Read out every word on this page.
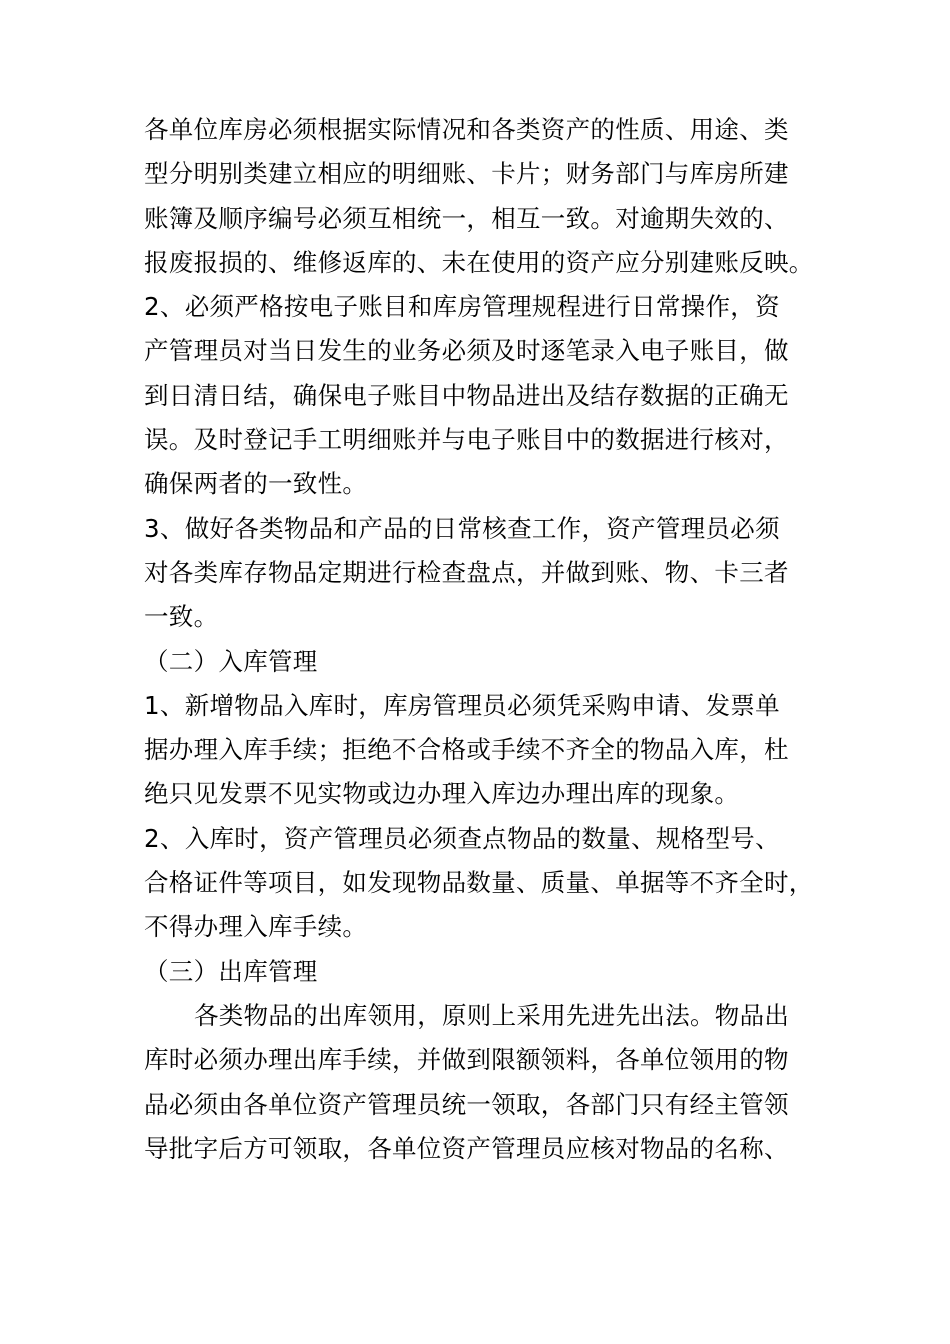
各单位库房必须根据实际情况和各类资产的性质、用途、类
型分明别类建立相应的明细账、卡片；财务部门与库房所建
账簿及顺序编号必须互相统一，相互一致。对逾期失效的、
报废报损的、维修返库的、未在使用的资产应分别建账反映。
2、必须严格按电子账目和库房管理规程进行日常操作，资
产管理员对当日发生的业务必须及时逐笔录入电子账目，做
到日清日结，确保电子账目中物品进出及结存数据的正确无
误。及时登记手工明细账并与电子账目中的数据进行核对，
确保两者的一致性。
3、做好各类物品和产品的日常核查工作，资产管理员必须
对各类库存物品定期进行检查盘点，并做到账、物、卡三者
一致。
（二）入库管理
1、新增物品入库时，库房管理员必须凭采购申请、发票单
据办理入库手续；拒绝不合格或手续不齐全的物品入库，杜
绝只见发票不见实物或边办理入库边办理出库的现象。
2、入库时，资产管理员必须查点物品的数量、规格型号、
合格证件等项目，如发现物品数量、质量、单据等不齐全时，
不得办理入库手续。
（三）出库管理
各类物品的出库领用，原则上采用先进先出法。物品出
库时必须办理出库手续，并做到限额领料，各单位领用的物
品必须由各单位资产管理员统一领取，各部门只有经主管领
导批字后方可领取，各单位资产管理员应核对物品的名称、
